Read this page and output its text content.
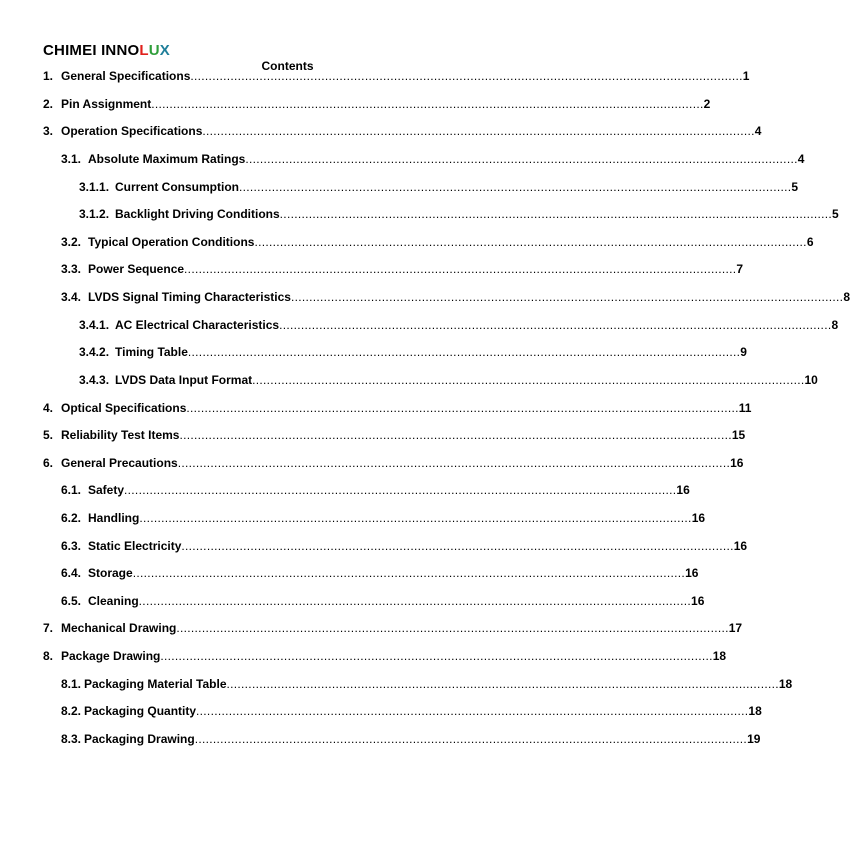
CHIMEI INNOLUX
Contents
1. General Specifications ........................................................................................................................................................ 1
2. Pin Assignment ........................................................................................................................................................ 2
3. Operation Specifications ........................................................................................................................................................ 4
3.1. Absolute Maximum Ratings ........................................................................................................................................................ 4
3.1.1. Current Consumption ........................................................................................................................................................ 5
3.1.2. Backlight Driving Conditions ........................................................................................................................................................ 5
3.2. Typical Operation Conditions ........................................................................................................................................................ 6
3.3. Power Sequence ........................................................................................................................................................ 7
3.4. LVDS Signal Timing Characteristics ........................................................................................................................................................ 8
3.4.1. AC Electrical Characteristics ........................................................................................................................................................ 8
3.4.2. Timing Table ........................................................................................................................................................ 9
3.4.3. LVDS Data Input Format ........................................................................................................................................................ 10
4. Optical Specifications ........................................................................................................................................................ 11
5. Reliability Test Items ........................................................................................................................................................ 15
6. General Precautions ........................................................................................................................................................ 16
6.1. Safety ........................................................................................................................................................ 16
6.2. Handling ........................................................................................................................................................ 16
6.3. Static Electricity ........................................................................................................................................................ 16
6.4. Storage ........................................................................................................................................................ 16
6.5. Cleaning ........................................................................................................................................................ 16
7. Mechanical Drawing ........................................................................................................................................................ 17
8. Package Drawing ........................................................................................................................................................ 18
8.1. Packaging Material Table ........................................................................................................................................................ 18
8.2. Packaging Quantity ........................................................................................................................................................ 18
8.3. Packaging Drawing ........................................................................................................................................................ 19
